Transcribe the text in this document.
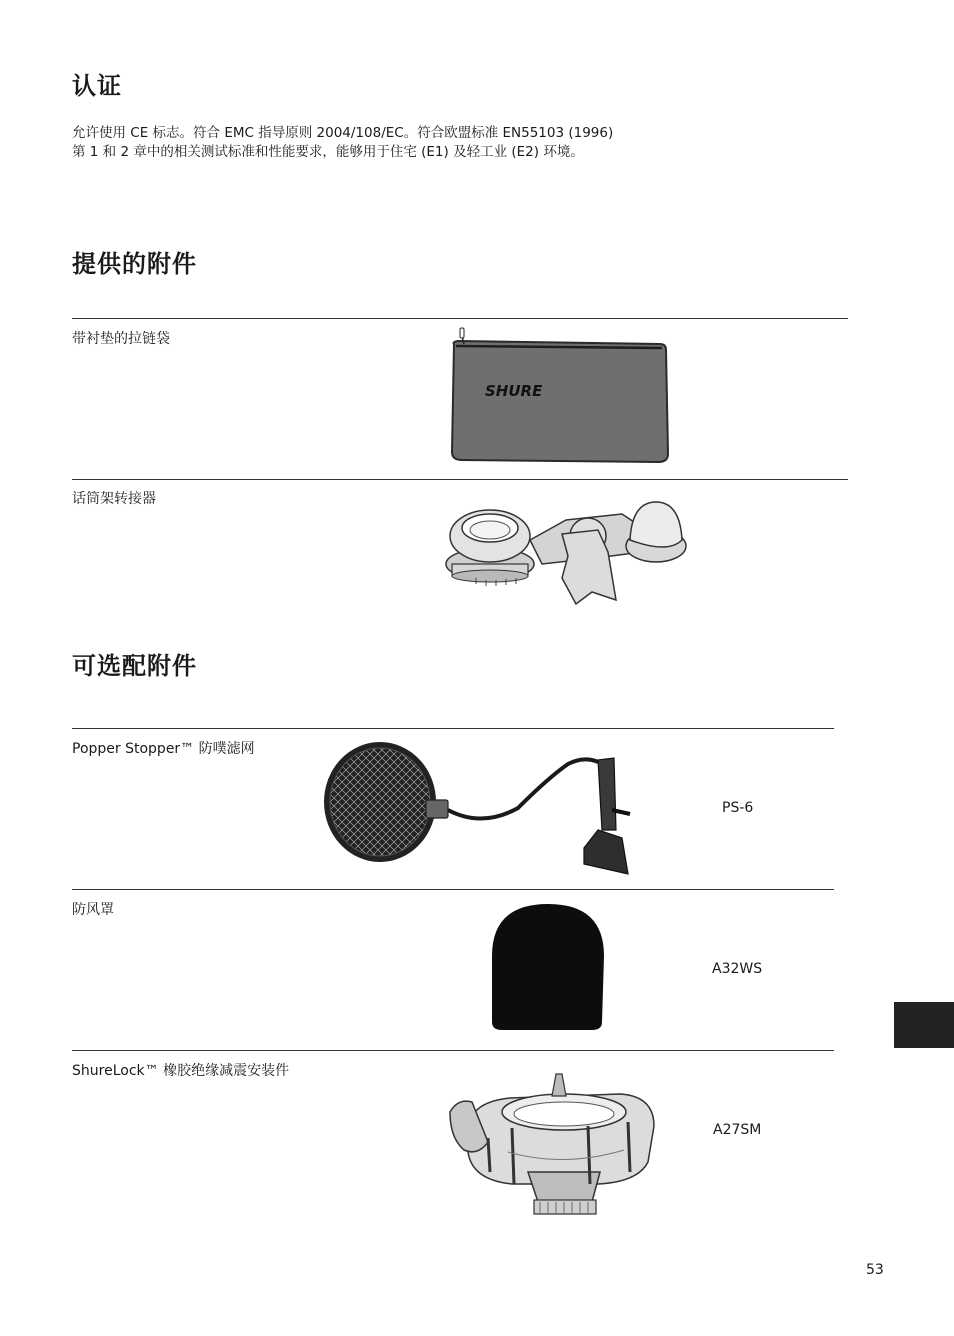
认证
允许使用 CE 标志。符合 EMC 指导原则 2004/108/EC。符合欧盟标准 EN55103 (1996)
第 1 和 2 章中的相关测试标准和性能要求，能够用于住宅 (E1) 及轻工业 (E2) 环境。
提供的附件
带衬垫的拉链袋
SHURE
话筒架转接器
可选配附件
Popper Stopper™ 防噗滤网
PS-6
防风罩
A32WS
ShureLock™ 橡胶绝缘减震安装件
A27SM
53
